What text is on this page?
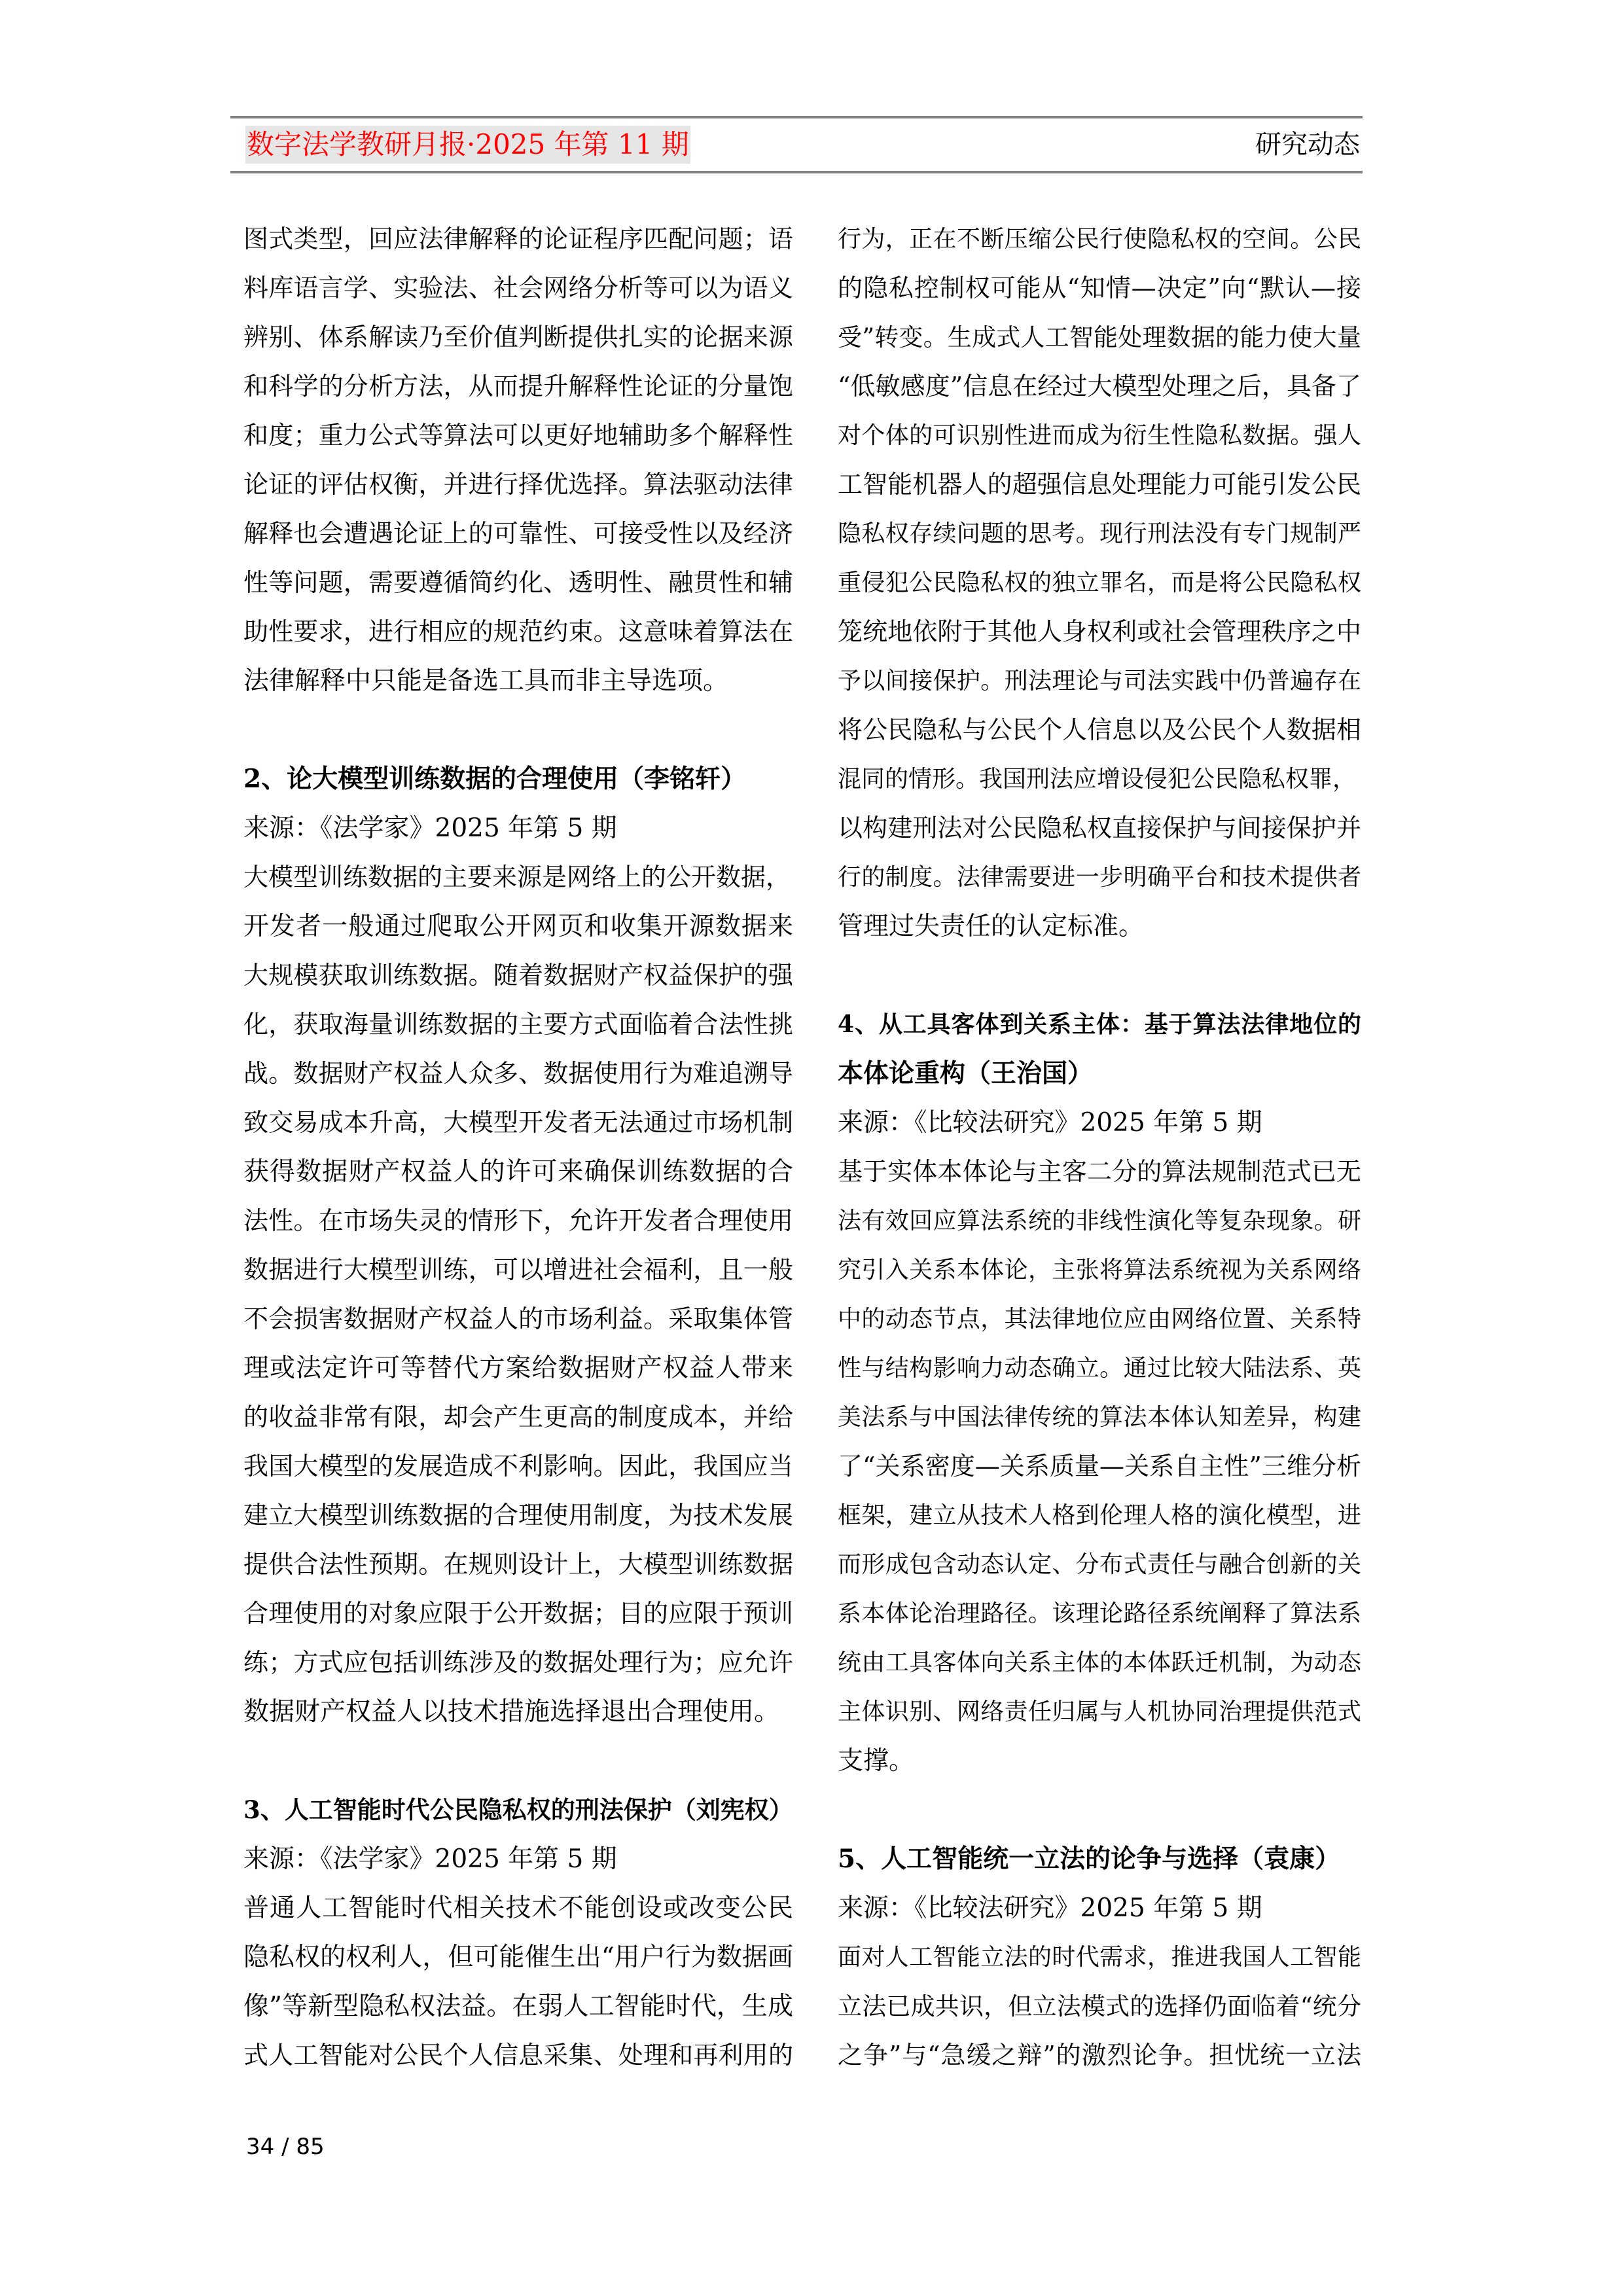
数字法学教研月报·2025 年第 11 期	研究动态
图式类型，回应法律解释的论证程序匹配问题；语
料库语言学、实验法、社会网络分析等可以为语义
辨别、体系解读乃至价值判断提供扎实的论据来源
和科学的分析方法，从而提升解释性论证的分量饱
和度；重力公式等算法可以更好地辅助多个解释性
论证的评估权衡，并进行择优选择。算法驱动法律
解释也会遭遇论证上的可靠性、可接受性以及经济
性等问题，需要遵循简约化、透明性、融贯性和辅
助性要求，进行相应的规范约束。这意味着算法在
法律解释中只能是备选工具而非主导选项。
2、论大模型训练数据的合理使用（李铭轩）
来源：《法学家》2025 年第 5 期
大模型训练数据的主要来源是网络上的公开数据，
开发者一般通过爬取公开网页和收集开源数据来
大规模获取训练数据。随着数据财产权益保护的强
化，获取海量训练数据的主要方式面临着合法性挑
战。数据财产权益人众多、数据使用行为难追溯导
致交易成本升高，大模型开发者无法通过市场机制
获得数据财产权益人的许可来确保训练数据的合
法性。在市场失灵的情形下，允许开发者合理使用
数据进行大模型训练，可以增进社会福利，且一般
不会损害数据财产权益人的市场利益。采取集体管
理或法定许可等替代方案给数据财产权益人带来
的收益非常有限，却会产生更高的制度成本，并给
我国大模型的发展造成不利影响。因此，我国应当
建立大模型训练数据的合理使用制度，为技术发展
提供合法性预期。在规则设计上，大模型训练数据
合理使用的对象应限于公开数据；目的应限于预训
练；方式应包括训练涉及的数据处理行为；应允许
数据财产权益人以技术措施选择退出合理使用。
3、人工智能时代公民隐私权的刑法保护（刘宪权）
来源：《法学家》2025 年第 5 期
普通人工智能时代相关技术不能创设或改变公民
隐私权的权利人，但可能催生出“用户行为数据画
像”等新型隐私权法益。在弱人工智能时代，生成
式人工智能对公民个人信息采集、处理和再利用的
行为，正在不断压缩公民行使隐私权的空间。公民
的隐私控制权可能从“知情—决定”向“默认—接
受”转变。生成式人工智能处理数据的能力使大量
“低敏感度”信息在经过大模型处理之后，具备了
对个体的可识别性进而成为衍生性隐私数据。强人
工智能机器人的超强信息处理能力可能引发公民
隐私权存续问题的思考。现行刑法没有专门规制严
重侵犯公民隐私权的独立罪名，而是将公民隐私权
笼统地依附于其他人身权利或社会管理秩序之中
予以间接保护。刑法理论与司法实践中仍普遍存在
将公民隐私与公民个人信息以及公民个人数据相
混同的情形。我国刑法应增设侵犯公民隐私权罪，
以构建刑法对公民隐私权直接保护与间接保护并
行的制度。法律需要进一步明确平台和技术提供者
管理过失责任的认定标准。
4、从工具客体到关系主体：基于算法法律地位的
本体论重构（王治国）
来源：《比较法研究》2025 年第 5 期
基于实体本体论与主客二分的算法规制范式已无
法有效回应算法系统的非线性演化等复杂现象。研
究引入关系本体论，主张将算法系统视为关系网络
中的动态节点，其法律地位应由网络位置、关系特
性与结构影响力动态确立。通过比较大陆法系、英
美法系与中国法律传统的算法本体认知差异，构建
了“关系密度—关系质量—关系自主性”三维分析
框架，建立从技术人格到伦理人格的演化模型，进
而形成包含动态认定、分布式责任与融合创新的关
系本体论治理路径。该理论路径系统阐释了算法系
统由工具客体向关系主体的本体跃迁机制，为动态
主体识别、网络责任归属与人机协同治理提供范式
支撑。
5、人工智能统一立法的论争与选择（袁康）
来源：《比较法研究》2025 年第 5 期
面对人工智能立法的时代需求，推进我国人工智能
立法已成共识，但立法模式的选择仍面临着“统分
之争”与“急缓之辩”的激烈论争。担忧统一立法
34 / 85
